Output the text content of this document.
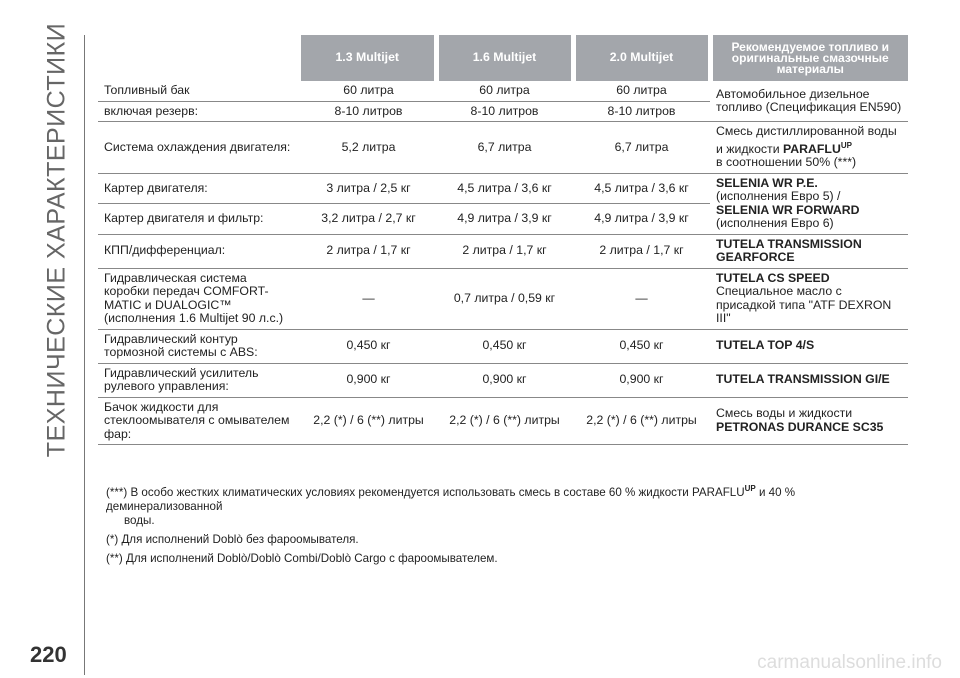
ТЕХНИЧЕСКИЕ ХАРАКТЕРИСТИКИ
		1.3 Multijet	1.6 Multijet	2.0 Multijet	Рекомендуемое топливо и оригинальные смазочные материалы
Топливный бак	60 литра	60 литра	60 литра	Автомобильное дизельное топливо (Спецификация EN590)
включая резерв:	8-10 литров	8-10 литров	8-10 литров	
Система охлаждения двигателя:	5,2 литра	6,7 литра	6,7 литра	Смесь дистиллированной воды и жидкости $PARAFLU^{UP}$
в соотношении 50% (***)
Картер двигателя:	3 литра / 2,5 кг	4,5 литра / 3,6 кг	4,5 литра / 3,6 кг	SELENIA WR P.E.
(исполнения Евро 5) /
SELENIA WR FORWARD
(исполнения Евро 6)
Картер двигателя и фильтр:	3,2 литра / 2,7 кг	4,9 литра / 3,9 кг	4,9 литра / 3,9 кг	
КПП/дифференциал:	2 литра / 1,7 кг	2 литра / 1,7 кг	2 литра / 1,7 кг	TUTELA TRANSMISSION GEARFORCE
Гидравлическая система коробки передач COMFORT-MATIC и DUALOGIC™ (исполнения 1.6 Multijet 90 л.с.)	—	0,7 литра / 0,59 кг	—	TUTELA CS SPEED
Специальное масло с присадкой типа "ATF DEXRON III"
Гидравлический контур тормозной системы с ABS:	0,450 кг	0,450 кг	0,450 кг	TUTELA TOP 4/S
Гидравлический усилитель рулевого управления:	0,900 кг	0,900 кг	0,900 кг	TUTELA TRANSMISSION GI/E
Бачок жидкости для стеклоомывателя с омывателем фар:	2,2 (*) / 6 (**) литры	2,2 (*) / 6 (**) литры	2,2 (*) / 6 (**) литры	Смесь воды и жидкости
PETRONAS DURANCE SC35

(***) В особо жестких климатических условиях рекомендуется использовать смесь в составе 60 % жидкости $PARAFLU^{UP}$ и 40 % деминерализованной
воды.

(*) Для исполнений Doblò без фароомывателя.

(**) Для исполнений Doblò/Doblò Combi/Doblò Cargo с фароомывателем.

220	carmanualsonline.info
